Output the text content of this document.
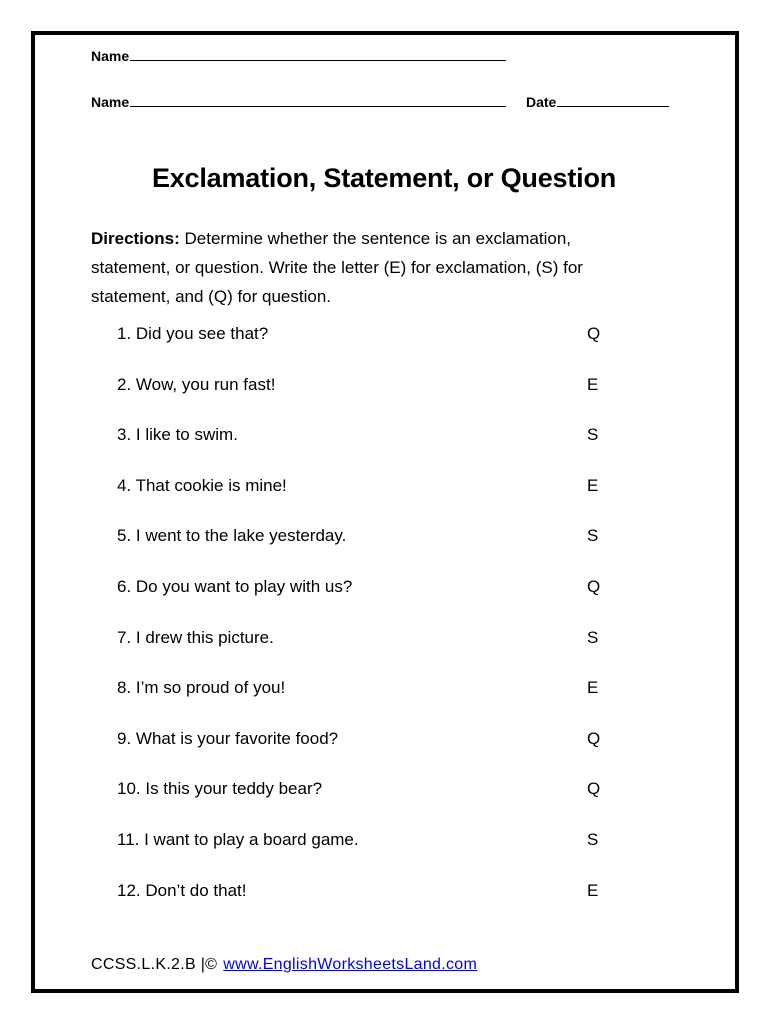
Name
Name	Date
Exclamation, Statement, or Question
Directions: Determine whether the sentence is an exclamation, statement, or question. Write the letter (E) for exclamation, (S) for statement, and (Q) for question.
1. Did you see that?	Q
2. Wow, you run fast!	E
3. I like to swim.	S
4. That cookie is mine!	E
5. I went to the lake yesterday.	S
6. Do you want to play with us?	Q
7. I drew this picture.	S
8. I’m so proud of you!	E
9. What is your favorite food?	Q
10. Is this your teddy bear?	Q
11. I want to play a board game.	S
12. Don’t do that!	E
CCSS.L.K.2.B |© www.EnglishWorksheetsLand.com
